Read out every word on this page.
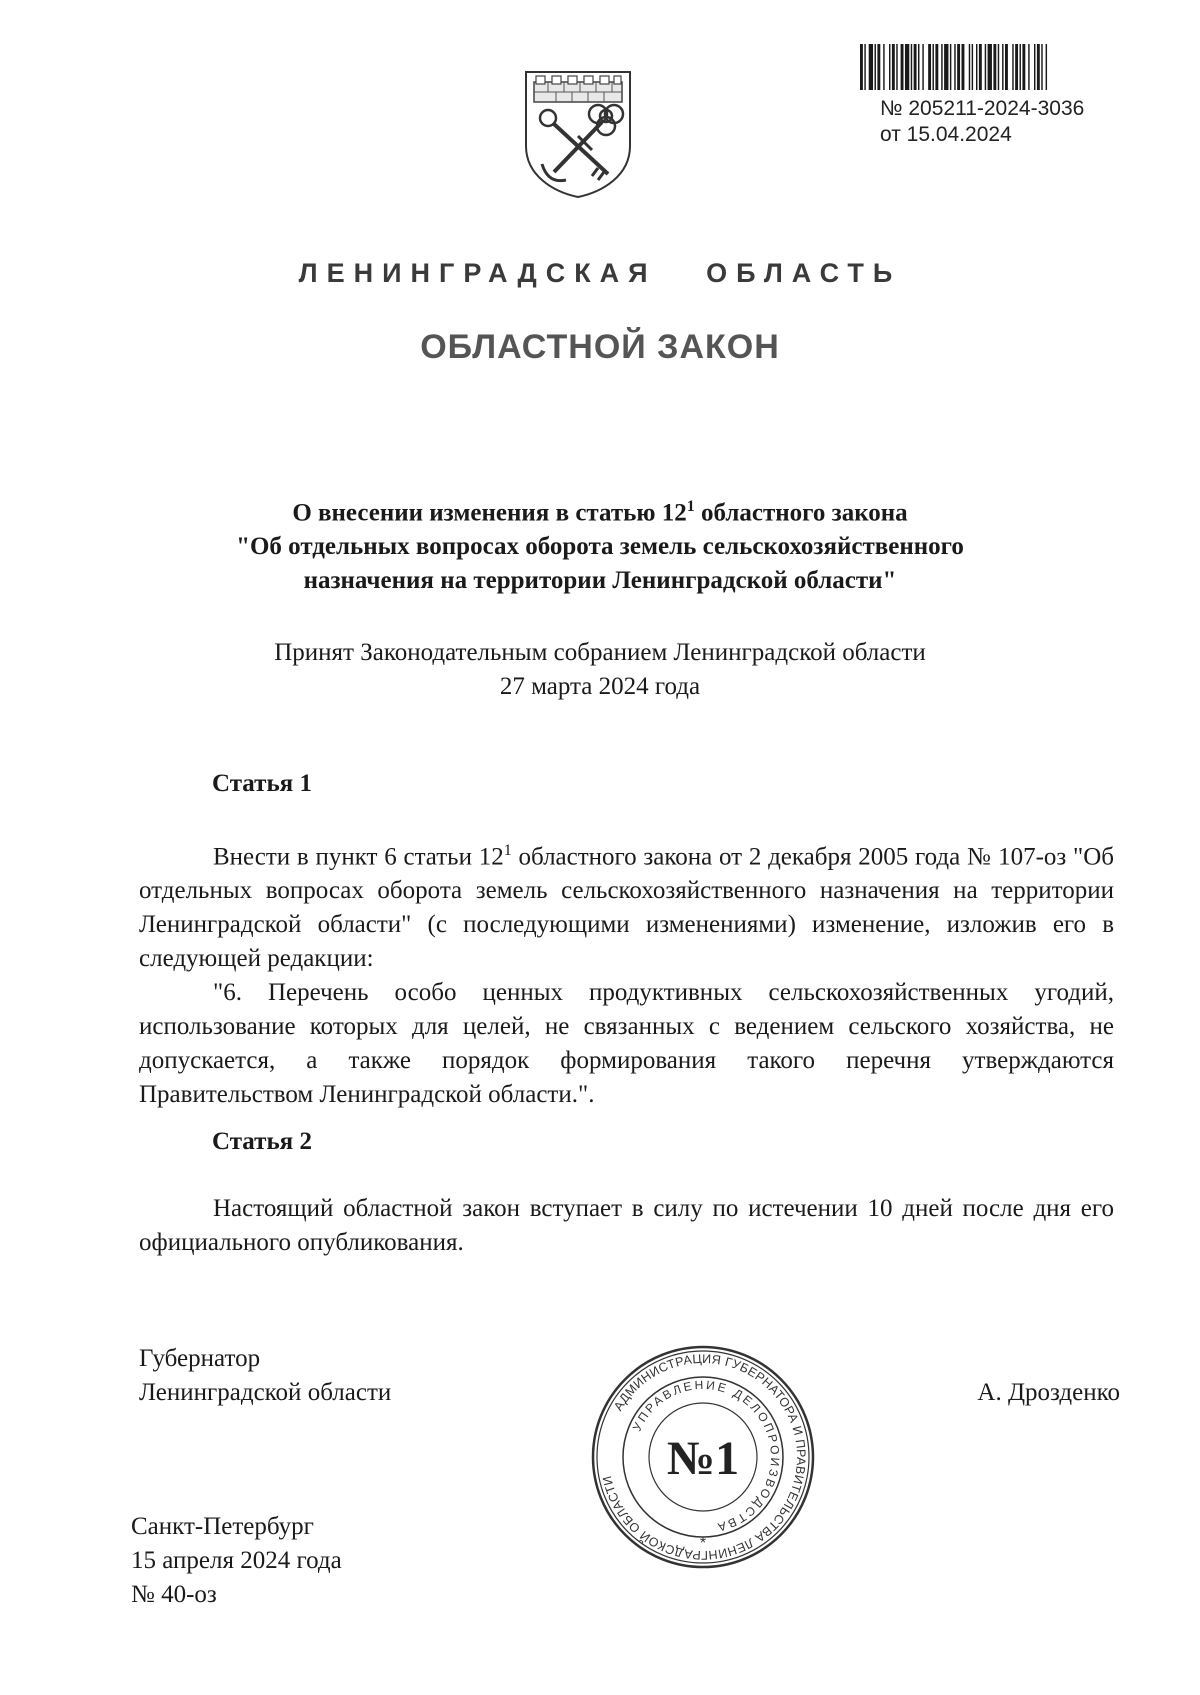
№ 205211-2024-3036
от 15.04.2024
ЛЕНИНГРАДСКАЯ   ОБЛАСТЬ
ОБЛАСТНОЙ ЗАКОН

О внесении изменения в статью $12^1$ областного закона

"Об отдельных вопросах оборота земель сельскохозяйственного

назначения на территории Ленинградской области"

Принят Законодательным собранием Ленинградской области

27 марта 2024 года

Статья 1

Внести в пункт 6 статьи $12^1$ областного закона от 2 декабря 2005 года № 107-оз "Об отдельных вопросах оборота земель сельскохозяйственного назначения на территории Ленинградской области" (с последующими изменениями) изменение, изложив его в следующей редакции:

"6. Перечень особо ценных продуктивных сельскохозяйственных угодий, использование которых для целей, не связанных с ведением сельского хозяйства, не допускается, а также порядок формирования такого перечня утверждаются Правительством Ленинградской области.".

Статья 2

Настоящий областной закон вступает в силу по истечении 10 дней после дня его официального опубликования.

Губернатор
Ленинградской области	А. Дрозденко
АДМИНИСТРАЦИЯ ГУБЕРНАТОРА И ПРАВИТЕЛЬСТВА ЛЕНИНГРАДСКОЙ ОБЛАСТИ
УПРАВЛЕНИЕ ДЕЛОПРОИЗВОДСТВА
№1
*
Санкт-Петербург
15 апреля 2024 года
№ 40-оз
